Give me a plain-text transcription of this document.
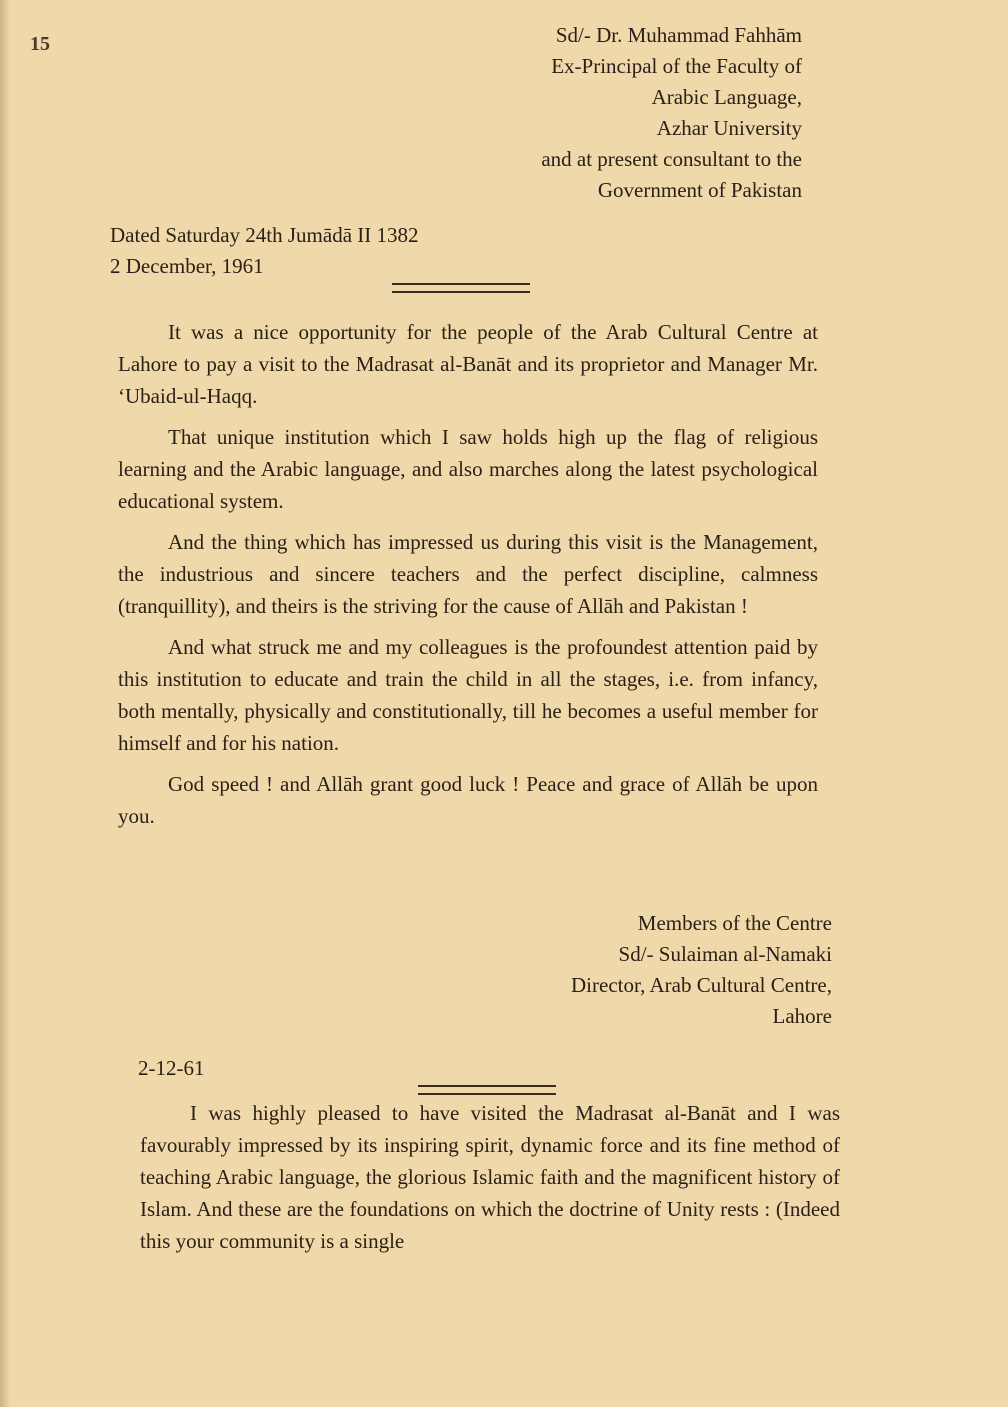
15	Sd/- Dr. Muhammad Fahhām
Ex-Principal of the Faculty of
Arabic Language,
Azhar University
and at present consultant to the
Government of Pakistan
Dated Saturday 24th Jumādā II 1382
2 December, 1961

It was a nice opportunity for the people of the Arab Cultural Centre at Lahore to pay a visit to the Madrasat al-Banāt and its proprietor and Manager Mr. ‘Ubaid-ul-Haqq.

That unique institution which I saw holds high up the flag of religious learning and the Arabic language, and also marches along the latest psychological educational system.

And the thing which has impressed us during this visit is the Management, the industrious and sincere teachers and the perfect discipline, calmness (tranquillity), and theirs is the striving for the cause of Allāh and Pakistan !

And what struck me and my colleagues is the profoundest attention paid by this institution to educate and train the child in all the stages, i.e. from infancy, both mentally, physically and constitutionally, till he becomes a useful member for himself and for his nation.

God speed ! and Allāh grant good luck ! Peace and grace of Allāh be upon you.

Members of the Centre
Sd/- Sulaiman al-Namaki
Director, Arab Cultural Centre,
Lahore
2-12-61

I was highly pleased to have visited the Madrasat al-Banāt and I was favourably impressed by its inspiring spirit, dynamic force and its fine method of teaching Arabic language, the glorious Islamic faith and the magnificent history of Islam. And these are the foundations on which the doctrine of Unity rests : (Indeed this your community is a single
